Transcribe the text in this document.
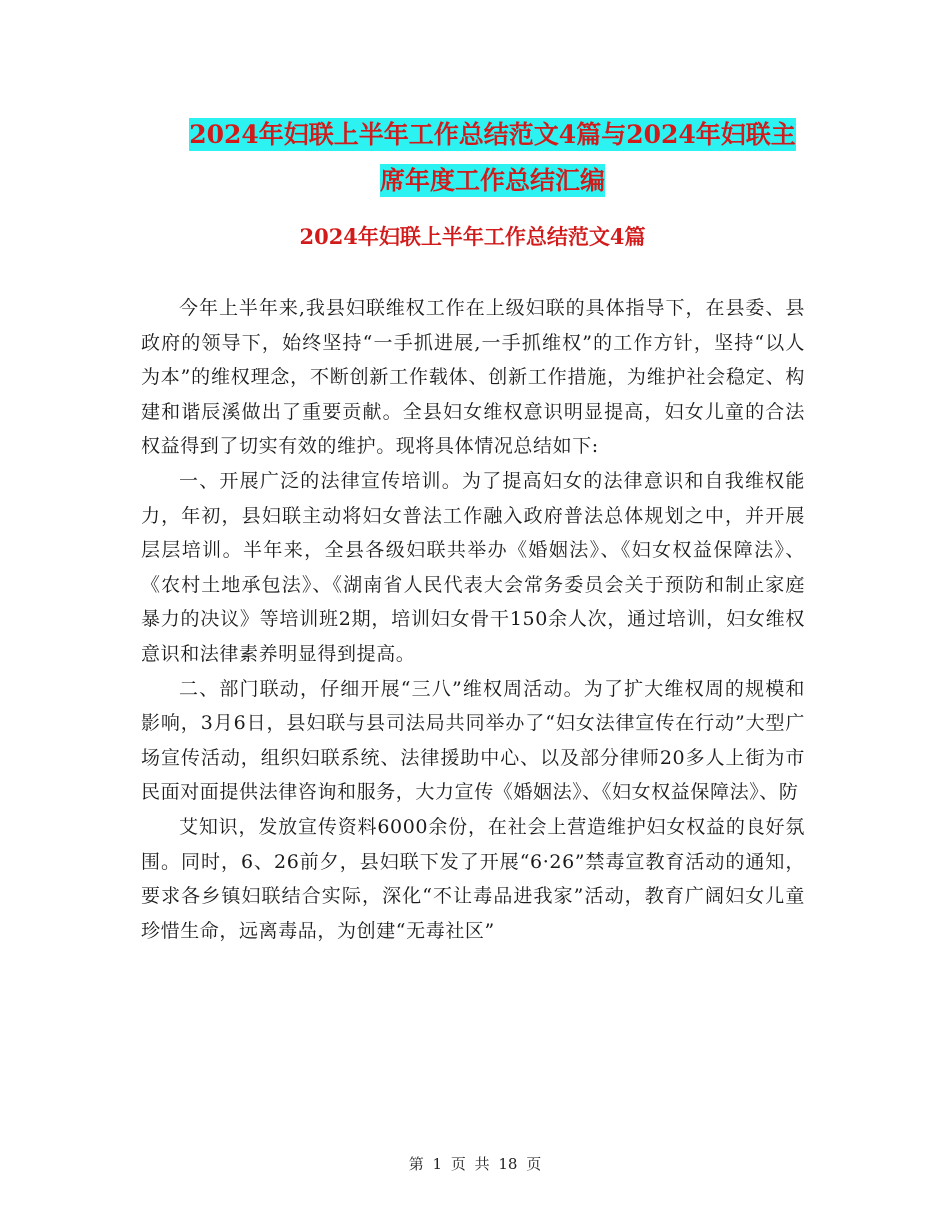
2024年妇联上半年工作总结范文4篇与2024年妇联主
席年度工作总结汇编
2024年妇联上半年工作总结范文4篇

今年上半年来,我县妇联维权工作在上级妇联的具体指导下，在县委、县政府的领导下，始终坚持“一手抓进展,一手抓维权”的工作方针，坚持“以人为本”的维权理念，不断创新工作载体、创新工作措施，为维护社会稳定、构建和谐辰溪做出了重要贡献。全县妇女维权意识明显提高，妇女儿童的合法权益得到了切实有效的维护。现将具体情况总结如下:

一、开展广泛的法律宣传培训。为了提高妇女的法律意识和自我维权能力，年初，县妇联主动将妇女普法工作融入政府普法总体规划之中，并开展层层培训。半年来，全县各级妇联共举办《婚姻法》、《妇女权益保障法》、《农村土地承包法》、《湖南省人民代表大会常务委员会关于预防和制止家庭暴力的决议》等培训班2期，培训妇女骨干150余人次，通过培训，妇女维权意识和法律素养明显得到提高。

二、部门联动，仔细开展“三八”维权周活动。为了扩大维权周的规模和影响，3月6日，县妇联与县司法局共同举办了“妇女法律宣传在行动”大型广场宣传活动，组织妇联系统、法律援助中心、以及部分律师20多人上街为市民面对面提供法律咨询和服务，大力宣传《婚姻法》、《妇女权益保障法》、防

艾知识，发放宣传资料6000余份，在社会上营造维护妇女权益的良好氛围。同时，6、26前夕，县妇联下发了开展“6·26”禁毒宣教育活动的通知，要求各乡镇妇联结合实际，深化“不让毒品进我家”活动，教育广阔妇女儿童珍惜生命，远离毒品，为创建“无毒社区”

第 1 页 共 18 页
